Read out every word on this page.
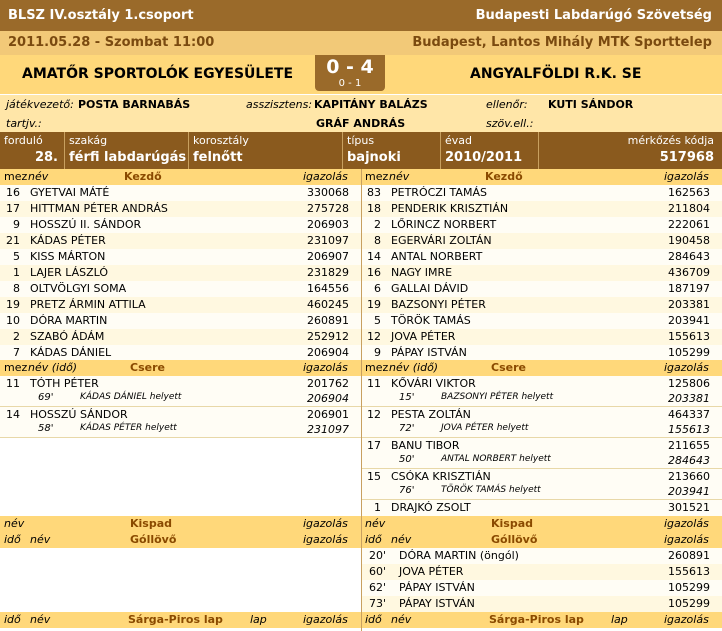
BLSZ IV.osztály 1.csoport	Budapesti Labdarúgó Szövetség
2011.05.28 - Szombat 11:00	Budapest, Lantos Mihály MTK Sporttelep
AMATŐR SPORTOLÓK EGYESÜLETE	ANGYALFÖLDI R.K. SE
0 - 4
0 - 1
játékvezető: POSTA BARNABÁS	asszisztens: KAPITÁNY BALÁZS	ellenőr: KUTI SÁNDOR
tartjv.:	GRÁF ANDRÁS	szöv.ell.:
forduló
28.
szakág
férfi labdarúgás
korosztály
felnőtt
típus
bajnoki
évad
2010/2011
mérkőzés kódja
517968
mez név	Kezdő	igazolás
16 GYETVAI MÁTÉ	330068
17 HITTMAN PÉTER ANDRÁS	275728
9 HOSSZÚ II. SÁNDOR	206903
21 KÁDAS PÉTER	231097
5 KISS MÁRTON	206907
1 LAJER LÁSZLÓ	231829
8 OLTVÖLGYI SOMA	164556
19 PRETZ ÁRMIN ATTILA	460245
10 DÓRA MARTIN	260891
2 SZABÓ ÁDÁM	252912
7 KÁDAS DÁNIEL	206904
mez név (idő)	Csere	igazolás
11 TÓTH PÉTER	201762
69'	KÁDAS DÁNIEL helyett	206904
14 HOSSZÚ SÁNDOR	206901
58'	KÁDAS PÉTER helyett	231097
név	Kispad	igazolás
idő név	Góllövő	igazolás
idő név	Sárga-Piros lap lap	igazolás
mez név	Kezdő	igazolás
83 PETRÓCZI TAMÁS	162563
18 PENDERIK KRISZTIÁN	211804
2 LŐRINCZ NORBERT	222061
8 EGERVÁRI ZOLTÁN	190458
14 ANTAL NORBERT	284643
16 NAGY IMRE	436709
6 GALLAI DÁVID	187197
19 BAZSONYI PÉTER	203381
5 TÖRÖK TAMÁS	203941
12 JOVA PÉTER	155613
9 PÁPAY ISTVÁN	105299
mez név (idő)	Csere	igazolás
11 KŐVÁRI VIKTOR	125806
15'	BAZSONYI PÉTER helyett	203381
12 PESTA ZOLTÁN	464337
72'	JOVA PÉTER helyett	155613
17 BANU TIBOR	211655
50'	ANTAL NORBERT helyett	284643
15 CSÓKA KRISZTIÁN	213660
76'	TÖRÖK TAMÁS helyett	203941
1 DRAJKÓ ZSOLT	301521
név	Kispad	igazolás
idő név	Góllövő	igazolás
idő név	Sárga-Piros lap lap	igazolás
20' DÓRA MARTIN (öngól)	260891
60' JOVA PÉTER	155613
62' PÁPAY ISTVÁN	105299
73' PÁPAY ISTVÁN	105299
